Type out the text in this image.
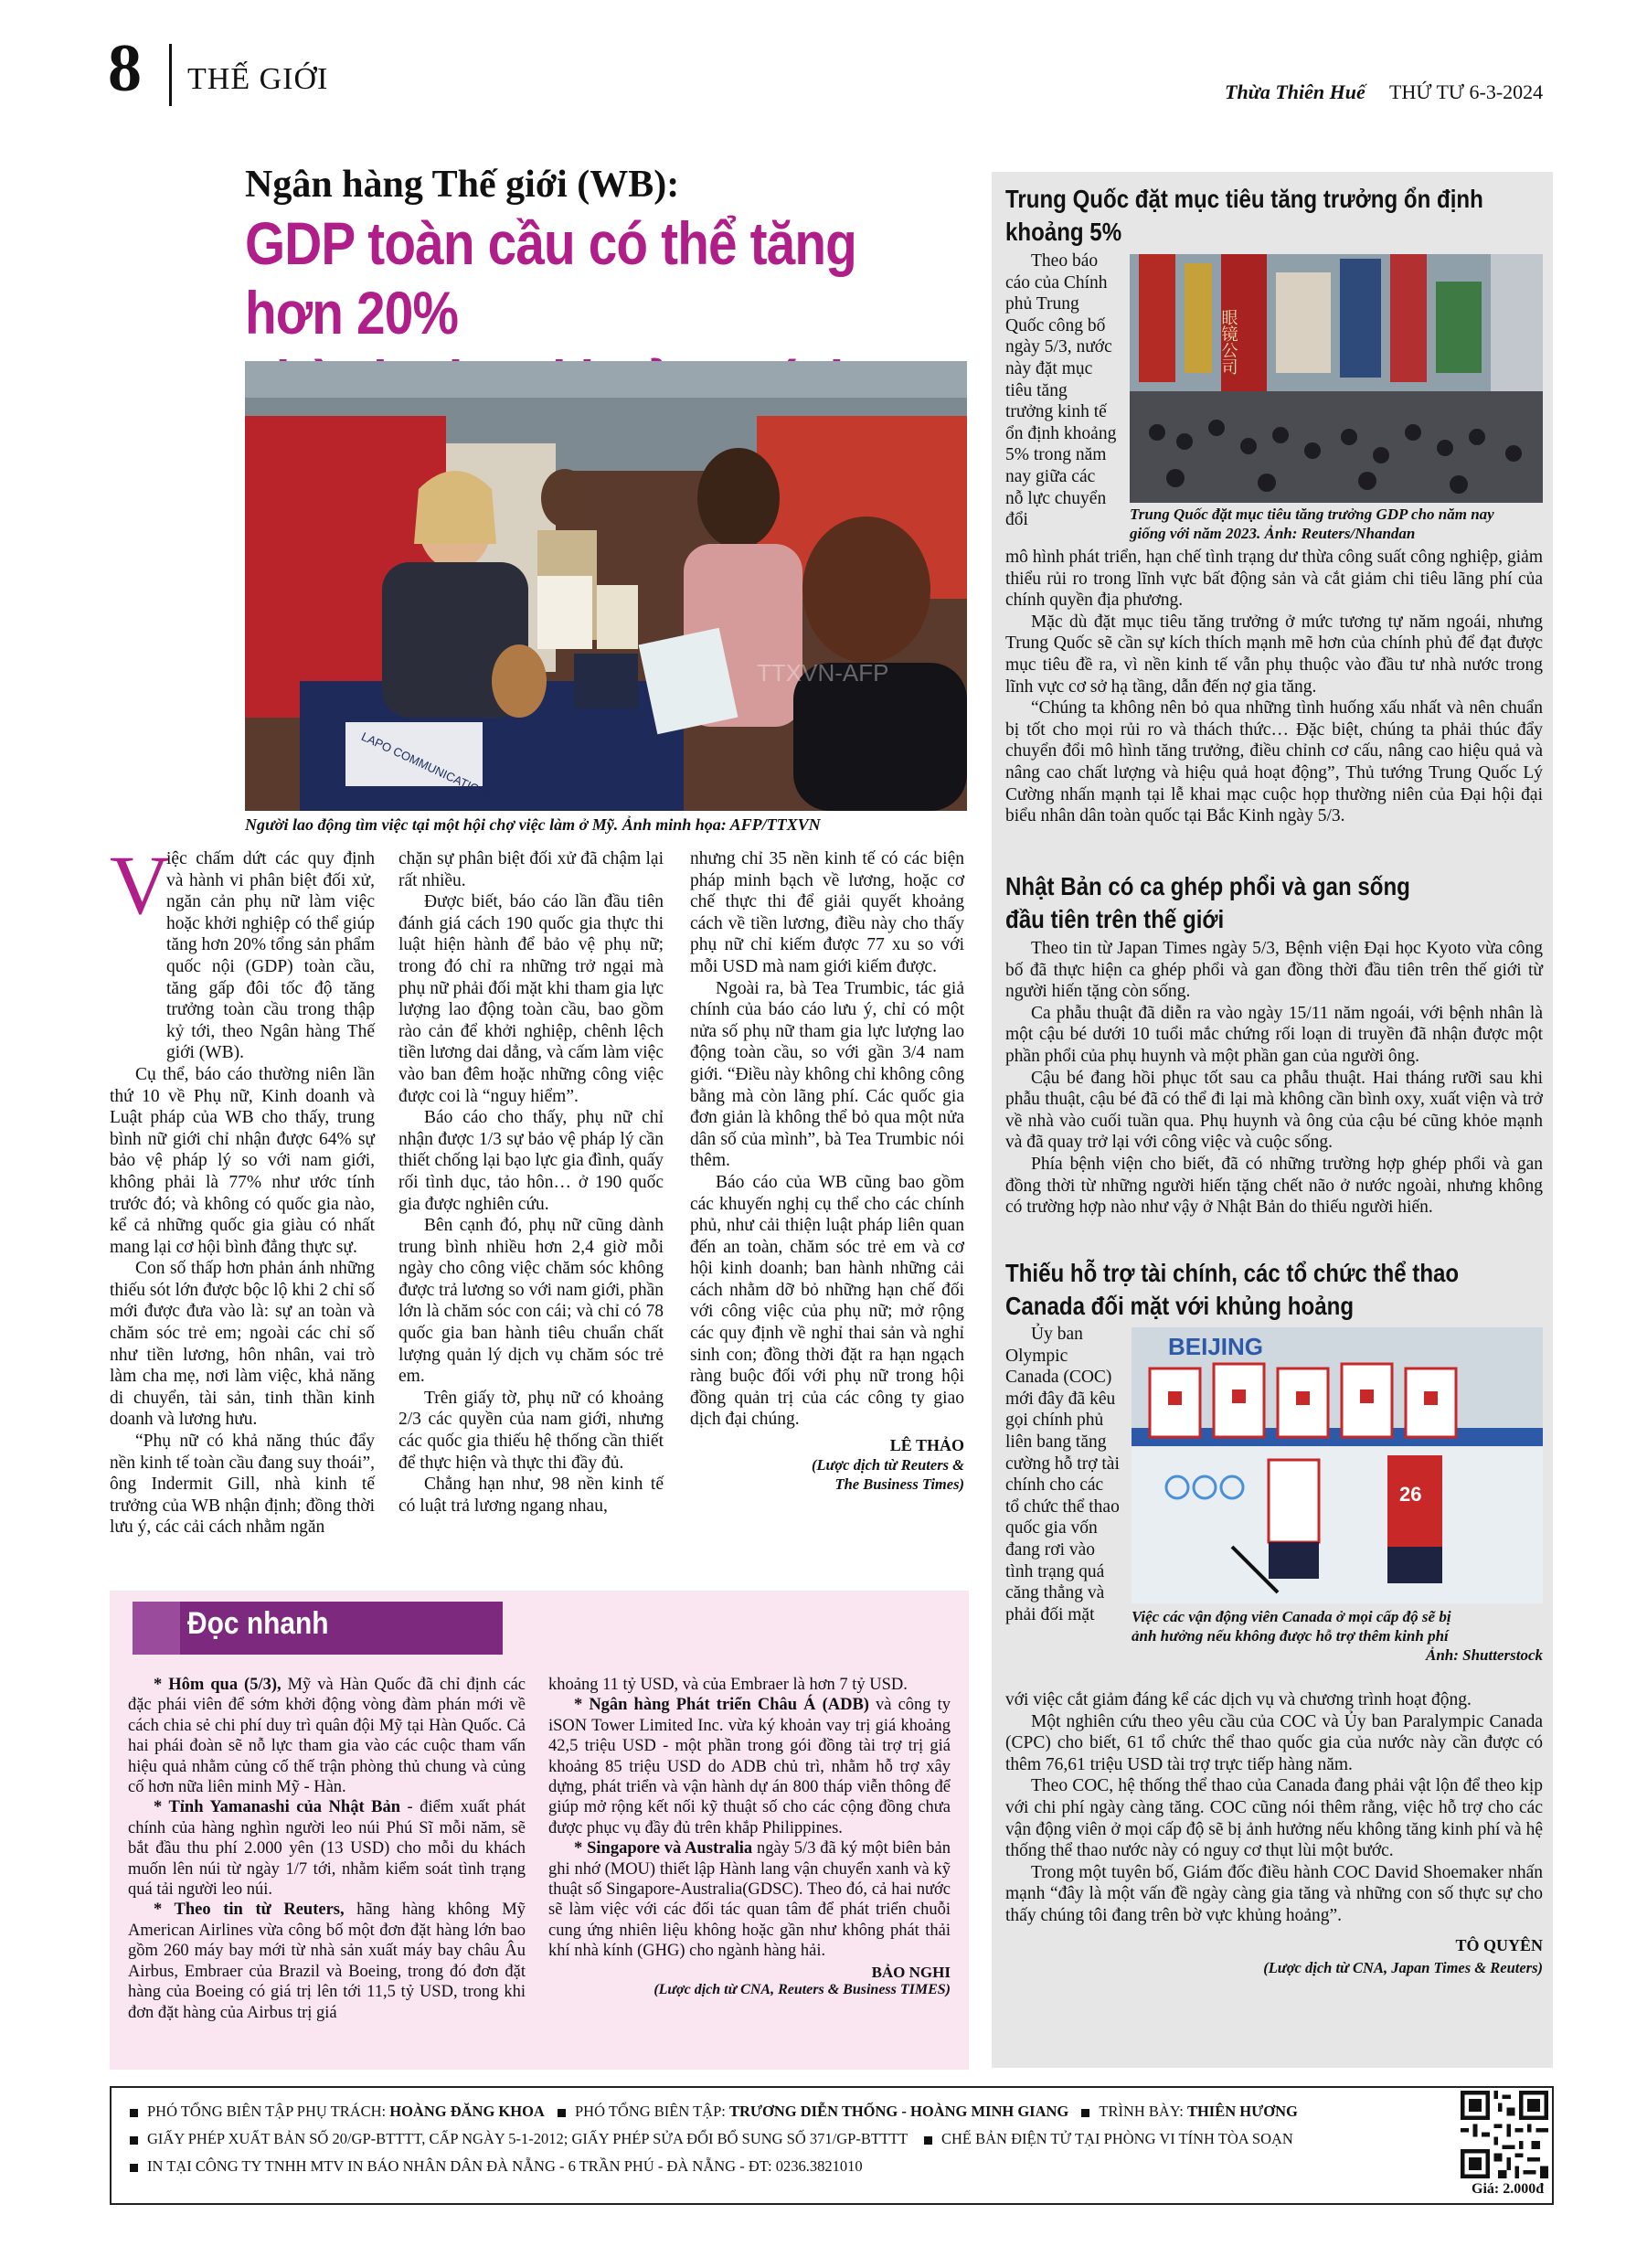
8 THẾ GIỚI	Thừa Thiên Huế THỨ TƯ 6-3-2024
Ngân hàng Thế giới (WB):
GDP toàn cầu có thể tăng hơn 20%
LAPO COMMUNICATIONS
TTXVN-AFP
Người lao động tìm việc tại một hội chợ việc làm ở Mỹ. Ảnh minh họa: AFP/TTXVN
V

iệc chấm dứt các quy định và hành vi phân biệt đối xử, ngăn cản phụ nữ làm việc hoặc khởi nghiệp có thể giúp tăng hơn 20% tổng sản phẩm quốc nội (GDP) toàn cầu, tăng gấp đôi tốc độ tăng trưởng toàn cầu trong thập kỷ tới, theo Ngân hàng Thế giới (WB).

Cụ thể, báo cáo thường niên lần thứ 10 về Phụ nữ, Kinh doanh và Luật pháp của WB cho thấy, trung bình nữ giới chỉ nhận được 64% sự bảo vệ pháp lý so với nam giới, không phải là 77% như ước tính trước đó; và không có quốc gia nào, kể cả những quốc gia giàu có nhất mang lại cơ hội bình đẳng thực sự.

Con số thấp hơn phản ánh những thiếu sót lớn được bộc lộ khi 2 chỉ số mới được đưa vào là: sự an toàn và chăm sóc trẻ em; ngoài các chỉ số như tiền lương, hôn nhân, vai trò làm cha mẹ, nơi làm việc, khả năng di chuyển, tài sản, tinh thần kinh doanh và lương hưu.

“Phụ nữ có khả năng thúc đẩy nền kinh tế toàn cầu đang suy thoái”, ông Indermit Gill, nhà kinh tế trưởng của WB nhận định; đồng thời lưu ý, các cải cách nhằm ngăn

chặn sự phân biệt đối xử đã chậm lại rất nhiều.

Được biết, báo cáo lần đầu tiên đánh giá cách 190 quốc gia thực thi luật hiện hành để bảo vệ phụ nữ; trong đó chỉ ra những trở ngại mà phụ nữ phải đối mặt khi tham gia lực lượng lao động toàn cầu, bao gồm rào cản để khởi nghiệp, chênh lệch tiền lương dai dẳng, và cấm làm việc vào ban đêm hoặc những công việc được coi là “nguy hiểm”.

Báo cáo cho thấy, phụ nữ chỉ nhận được 1/3 sự bảo vệ pháp lý cần thiết chống lại bạo lực gia đình, quấy rối tình dục, tảo hôn… ở 190 quốc gia được nghiên cứu.

Bên cạnh đó, phụ nữ cũng dành trung bình nhiều hơn 2,4 giờ mỗi ngày cho công việc chăm sóc không được trả lương so với nam giới, phần lớn là chăm sóc con cái; và chỉ có 78 quốc gia ban hành tiêu chuẩn chất lượng quản lý dịch vụ chăm sóc trẻ em.

Trên giấy tờ, phụ nữ có khoảng 2/3 các quyền của nam giới, nhưng các quốc gia thiếu hệ thống cần thiết để thực hiện và thực thi đầy đủ.

Chẳng hạn như, 98 nền kinh tế có luật trả lương ngang nhau,

nhưng chỉ 35 nền kinh tế có các biện pháp minh bạch về lương, hoặc cơ chế thực thi để giải quyết khoảng cách về tiền lương, điều này cho thấy phụ nữ chỉ kiếm được 77 xu so với mỗi USD mà nam giới kiếm được.

Ngoài ra, bà Tea Trumbic, tác giả chính của báo cáo lưu ý, chỉ có một nửa số phụ nữ tham gia lực lượng lao động toàn cầu, so với gần 3/4 nam giới. “Điều này không chỉ không công bằng mà còn lãng phí. Các quốc gia đơn giản là không thể bỏ qua một nửa dân số của mình”, bà Tea Trumbic nói thêm.

Báo cáo của WB cũng bao gồm các khuyến nghị cụ thể cho các chính phủ, như cải thiện luật pháp liên quan đến an toàn, chăm sóc trẻ em và cơ hội kinh doanh; ban hành những cải cách nhằm dỡ bỏ những hạn chế đối với công việc của phụ nữ; mở rộng các quy định về nghỉ thai sản và nghỉ sinh con; đồng thời đặt ra hạn ngạch ràng buộc đối với phụ nữ trong hội đồng quản trị của các công ty giao dịch đại chúng.

LÊ THẢO
(Lược dịch từ Reuters &
The Business Times)
Trung Quốc đặt mục tiêu tăng trưởng ổn định
khoảng 5%

Theo báo cáo của Chính phủ Trung Quốc công bố ngày 5/3, nước này đặt mục tiêu tăng trưởng kinh tế ổn định khoảng 5% trong năm nay giữa các nỗ lực chuyển đổi

眼镜公司
Trung Quốc đặt mục tiêu tăng trưởng GDP cho năm nay
giống với năm 2023. Ảnh: Reuters/Nhandan

mô hình phát triển, hạn chế tình trạng dư thừa công suất công nghiệp, giảm thiểu rủi ro trong lĩnh vực bất động sản và cắt giảm chi tiêu lãng phí của chính quyền địa phương.

Mặc dù đặt mục tiêu tăng trưởng ở mức tương tự năm ngoái, nhưng Trung Quốc sẽ cần sự kích thích mạnh mẽ hơn của chính phủ để đạt được mục tiêu đề ra, vì nền kinh tế vẫn phụ thuộc vào đầu tư nhà nước trong lĩnh vực cơ sở hạ tầng, dẫn đến nợ gia tăng.

“Chúng ta không nên bỏ qua những tình huống xấu nhất và nên chuẩn bị tốt cho mọi rủi ro và thách thức… Đặc biệt, chúng ta phải thúc đẩy chuyển đổi mô hình tăng trưởng, điều chỉnh cơ cấu, nâng cao hiệu quả và nâng cao chất lượng và hiệu quả hoạt động”, Thủ tướng Trung Quốc Lý Cường nhấn mạnh tại lễ khai mạc cuộc họp thường niên của Đại hội đại biểu nhân dân toàn quốc tại Bắc Kinh ngày 5/3.

Nhật Bản có ca ghép phổi và gan sống
đầu tiên trên thế giới

Theo tin từ Japan Times ngày 5/3, Bệnh viện Đại học Kyoto vừa công bố đã thực hiện ca ghép phổi và gan đồng thời đầu tiên trên thế giới từ người hiến tặng còn sống.

Ca phẫu thuật đã diễn ra vào ngày 15/11 năm ngoái, với bệnh nhân là một cậu bé dưới 10 tuổi mắc chứng rối loạn di truyền đã nhận được một phần phổi của phụ huynh và một phần gan của người ông.

Cậu bé đang hồi phục tốt sau ca phẫu thuật. Hai tháng rưỡi sau khi phẫu thuật, cậu bé đã có thể đi lại mà không cần bình oxy, xuất viện và trở về nhà vào cuối tuần qua. Phụ huynh và ông của cậu bé cũng khỏe mạnh và đã quay trở lại với công việc và cuộc sống.

Phía bệnh viện cho biết, đã có những trường hợp ghép phổi và gan đồng thời từ những người hiến tặng chết não ở nước ngoài, nhưng không có trường hợp nào như vậy ở Nhật Bản do thiếu người hiến.

Thiếu hỗ trợ tài chính, các tổ chức thể thao
Canada đối mặt với khủng hoảng

Ủy ban Olympic Canada (COC) mới đây đã kêu gọi chính phủ liên bang tăng cường hỗ trợ tài chính cho các tổ chức thể thao quốc gia vốn đang rơi vào tình trạng quá căng thẳng và phải đối mặt

BEIJING
26
Việc các vận động viên Canada ở mọi cấp độ sẽ bị
ảnh hưởng nếu không được hỗ trợ thêm kinh phí
Ảnh: Shutterstock

với việc cắt giảm đáng kể các dịch vụ và chương trình hoạt động.

Một nghiên cứu theo yêu cầu của COC và Ủy ban Paralympic Canada (CPC) cho biết, 61 tổ chức thể thao quốc gia của nước này cần được có thêm 76,61 triệu USD tài trợ trực tiếp hàng năm.

Theo COC, hệ thống thể thao của Canada đang phải vật lộn để theo kịp với chi phí ngày càng tăng. COC cũng nói thêm rằng, việc hỗ trợ cho các vận động viên ở mọi cấp độ sẽ bị ảnh hưởng nếu không tăng kinh phí và hệ thống thể thao nước này có nguy cơ thụt lùi một bước.

Trong một tuyên bố, Giám đốc điều hành COC David Shoemaker nhấn mạnh “đây là một vấn đề ngày càng gia tăng và những con số thực sự cho thấy chúng tôi đang trên bờ vực khủng hoảng”.

TÔ QUYÊN
(Lược dịch từ CNA, Japan Times & Reuters)
Đọc nhanh

* Hôm qua (5/3), Mỹ và Hàn Quốc đã chỉ định các đặc phái viên để sớm khởi động vòng đàm phán mới về cách chia sẻ chi phí duy trì quân đội Mỹ tại Hàn Quốc. Cả hai phái đoàn sẽ nỗ lực tham gia vào các cuộc tham vấn hiệu quả nhằm củng cố thế trận phòng thủ chung và củng cố hơn nữa liên minh Mỹ - Hàn.

* Tỉnh Yamanashi của Nhật Bản - điểm xuất phát chính của hàng nghìn người leo núi Phú Sĩ mỗi năm, sẽ bắt đầu thu phí 2.000 yên (13 USD) cho mỗi du khách muốn lên núi từ ngày 1/7 tới, nhằm kiểm soát tình trạng quá tải người leo núi.

* Theo tin từ Reuters, hãng hàng không Mỹ American Airlines vừa công bố một đơn đặt hàng lớn bao gồm 260 máy bay mới từ nhà sản xuất máy bay châu Âu Airbus, Embraer của Brazil và Boeing, trong đó đơn đặt hàng của Boeing có giá trị lên tới 11,5 tỷ USD, trong khi đơn đặt hàng của Airbus trị giá

khoảng 11 tỷ USD, và của Embraer là hơn 7 tỷ USD.

* Ngân hàng Phát triển Châu Á (ADB) và công ty iSON Tower Limited Inc. vừa ký khoản vay trị giá khoảng 42,5 triệu USD - một phần trong gói đồng tài trợ trị giá khoảng 85 triệu USD do ADB chủ trì, nhằm hỗ trợ xây dựng, phát triển và vận hành dự án 800 tháp viễn thông để giúp mở rộng kết nối kỹ thuật số cho các cộng đồng chưa được phục vụ đầy đủ trên khắp Philippines.

* Singapore và Australia ngày 5/3 đã ký một biên bản ghi nhớ (MOU) thiết lập Hành lang vận chuyển xanh và kỹ thuật số Singapore-Australia(GDSC). Theo đó, cả hai nước sẽ làm việc với các đối tác quan tâm để phát triển chuỗi cung ứng nhiên liệu không hoặc gần như không phát thải khí nhà kính (GHG) cho ngành hàng hải.

BẢO NGHI
(Lược dịch từ CNA, Reuters & Business TIMES)
PHÓ TỔNG BIÊN TẬP PHỤ TRÁCH: HOÀNG ĐĂNG KHOA PHÓ TỔNG BIÊN TẬP: TRƯƠNG DIỄN THỐNG - HOÀNG MINH GIANG TRÌNH BÀY: THIÊN HƯƠNG
GIẤY PHÉP XUẤT BẢN SỐ 20/GP-BTTTT, CẤP NGÀY 5-1-2012; GIẤY PHÉP SỬA ĐỔI BỔ SUNG SỐ 371/GP-BTTTT CHẾ BẢN ĐIỆN TỬ TẠI PHÒNG VI TÍNH TÒA SOẠN
IN TẠI CÔNG TY TNHH MTV IN BÁO NHÂN DÂN ĐÀ NẴNG - 6 TRẦN PHÚ - ĐÀ NẴNG - ĐT: 0236.3821010
Giá: 2.000đ
